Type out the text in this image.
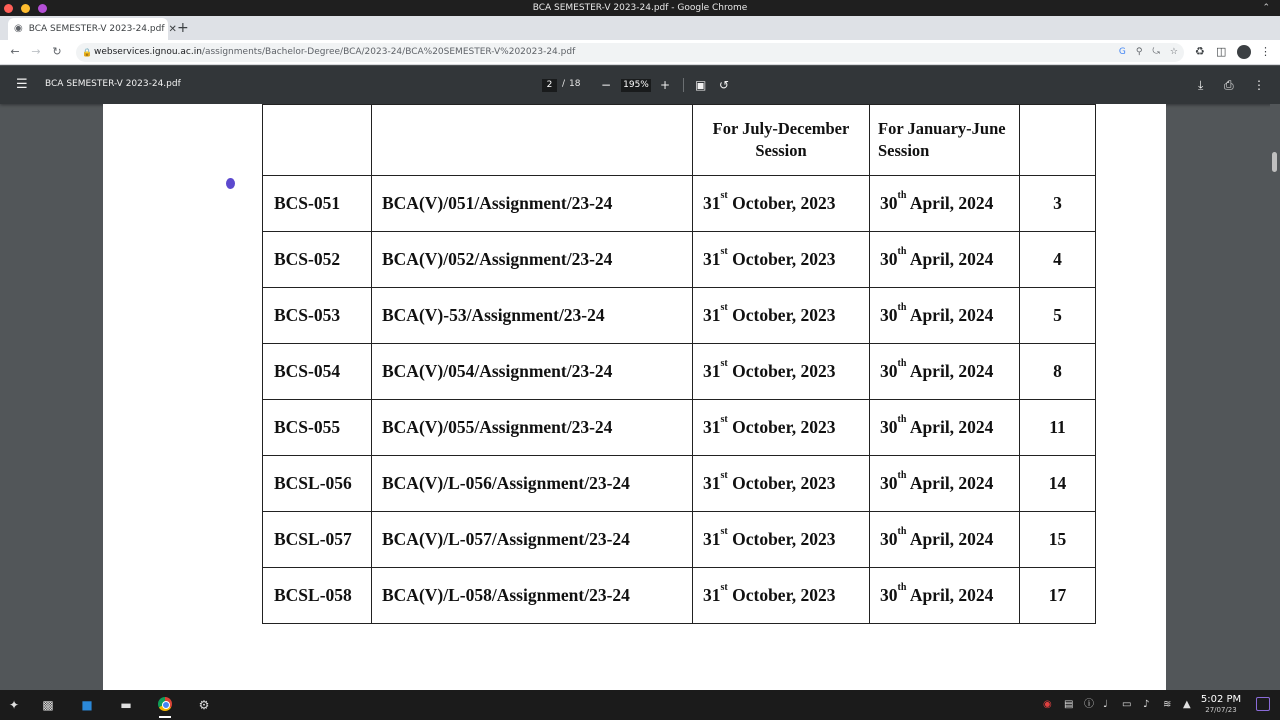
BCA SEMESTER-V 2023-24.pdf - Google Chrome	⌃
◉ BCA SEMESTER-V 2023-24.pdf ✕ +
←	→	↻	🔒 webservices.ignou.ac.in/assignments/Bachelor-Degree/BCA/2023-24/BCA%20SEMESTER-V%202023-24.pdf	G ⚲ ⤿ ☆ ♻ ◫	⋮
☰ BCA SEMESTER-V 2023-24.pdf	2	/ 18 − 195% + ▣ ↺	⤓ ⎙ ⋮
		For July-December Session	For January-June Session	
BCS-051	BCA(V)/051/Assignment/23-24	31st October, 2023	30th April, 2024	3
BCS-052	BCA(V)/052/Assignment/23-24	31st October, 2023	30th April, 2024	4
BCS-053	BCA(V)-53/Assignment/23-24	31st October, 2023	30th April, 2024	5
BCS-054	BCA(V)/054/Assignment/23-24	31st October, 2023	30th April, 2024	8
BCS-055	BCA(V)/055/Assignment/23-24	31st October, 2023	30th April, 2024	11
BCSL-056	BCA(V)/L-056/Assignment/23-24	31st October, 2023	30th April, 2024	14
BCSL-057	BCA(V)/L-057/Assignment/23-24	31st October, 2023	30th April, 2024	15
BCSL-058	BCA(V)/L-058/Assignment/23-24	31st October, 2023	30th April, 2024	17
✦ ▩ ■ ▬	⚙	◉ ▤ ⓘ ♩ ▭ ♪ ≋ ▲	5:02 PM
27/07/23
